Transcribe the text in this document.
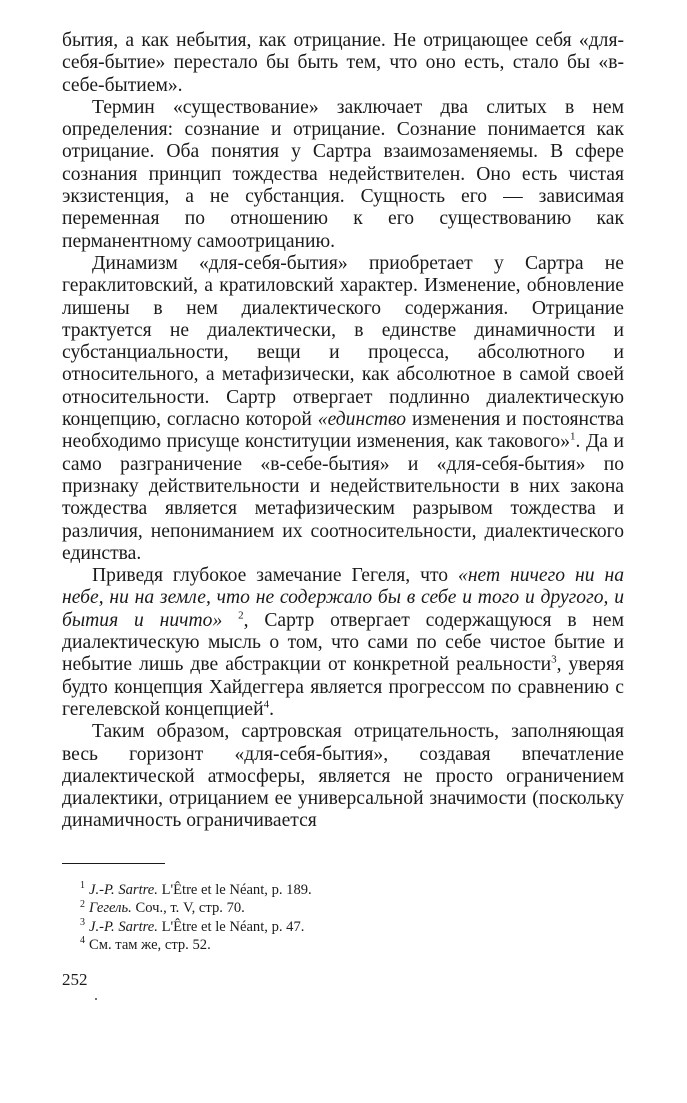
бытия, а как небытия, как отрицание. Не отрицающее себя «для-себя-бытие» перестало бы быть тем, что оно есть, стало бы «в-себе-бытием».

Термин «существование» заключает два слитых в нем определения: сознание и отрицание. Сознание понимается как отрицание. Оба понятия у Сартра взаимозаменяемы. В сфере сознания принцип тождества недействителен. Оно есть чистая экзистенция, а не субстанция. Сущность его — зависимая переменная по отношению к его существованию как перманентному самоотрицанию.

Динамизм «для-себя-бытия» приобретает у Сартра не гераклитовский, а кратиловский характер. Изменение, обновление лишены в нем диалектического содержания. Отрицание трактуется не диалектически, в единстве динамичности и субстанциальности, вещи и процесса, абсолютного и относительного, а метафизически, как абсолютное в самой своей относительности. Сартр отвергает подлинно диалектическую концепцию, согласно которой «единство изменения и постоянства необходимо присуще конституции изменения, как такового»$^1$. Да и само разграничение «в-себе-бытия» и «для-себя-бытия» по признаку действительности и недействительности в них закона тождества является метафизическим разрывом тождества и различия, непониманием их соотносительности, диалектического единства.

Приведя глубокое замечание Гегеля, что «нет ничего ни на небе, ни на земле, что не содержало бы в себе и того и другого, и бытия и ничто» $^2$, Сартр отвергает содержащуюся в нем диалектическую мысль о том, что сами по себе чистое бытие и небытие лишь две абстракции от конкретной реальности$^3$, уверяя будто концепция Хайдеггера является прогрессом по сравнению с гегелевской концепцией$^4$.

Таким образом, сартровская отрицательность, заполняющая весь горизонт «для-себя-бытия», создавая впечатление диалектической атмосферы, является не просто ограничением диалектики, отрицанием ее универсальной значимости (поскольку динамичность ограничивается

$^1$ J.-P. Sartre. L'Être et le Néant, p. 189.

$^2$ Гегель. Соч., т. V, стр. 70.

$^3$ J.-P. Sartre. L'Être et le Néant, p. 47.

$^4$ См. там же, стр. 52.

252
